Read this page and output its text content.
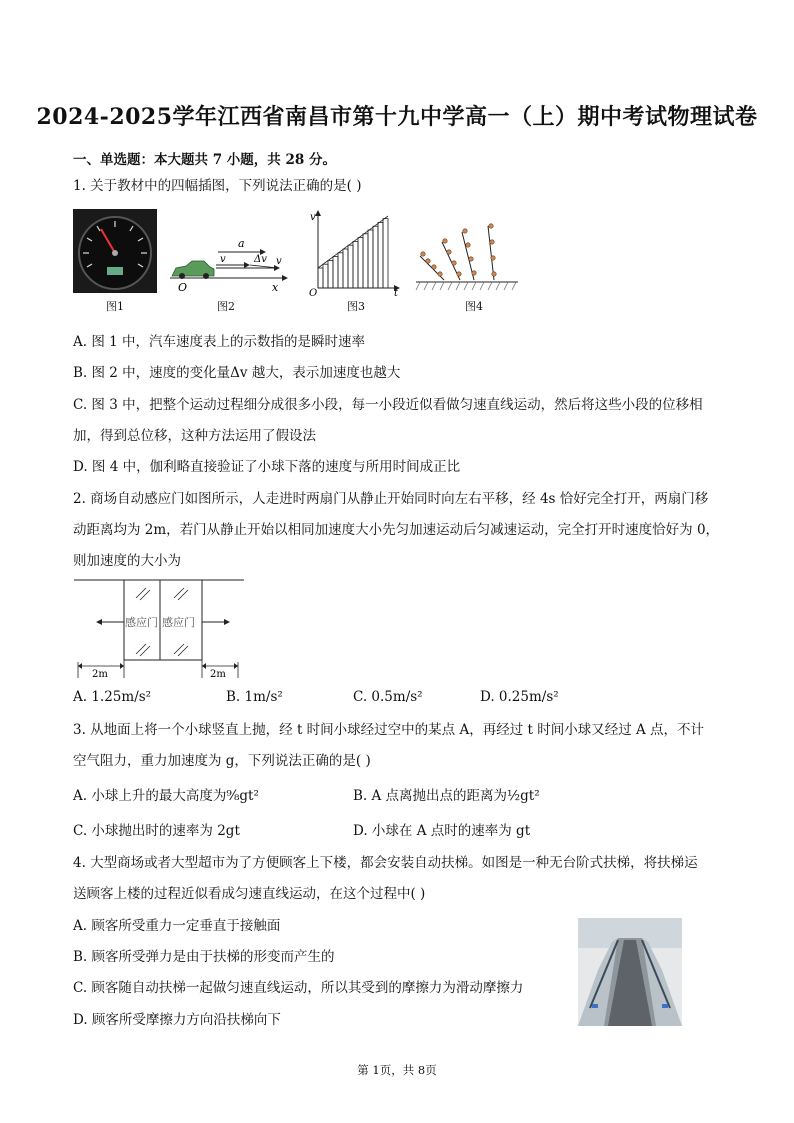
2024-2025学年江西省南昌市第十九中学高一（上）期中考试物理试卷
一、单选题：本大题共 7 小题，共 28 分。
1. 关于教材中的四幅插图，下列说法正确的是( )
图1
a
v	Δv v
O	x
图2
v
O	t
图3	图4
A. 图 1 中，汽车速度表上的示数指的是瞬时速率
B. 图 2 中，速度的变化量Δv 越大，表示加速度也越大
C. 图 3 中，把整个运动过程细分成很多小段，每一小段近似看做匀速直线运动，然后将这些小段的位移相
加，得到总位移，这种方法运用了假设法
D. 图 4 中，伽利略直接验证了小球下落的速度与所用时间成正比
2. 商场自动感应门如图所示，人走进时两扇门从静止开始同时向左右平移，经 4s 恰好完全打开，两扇门移
动距离均为 2m，若门从静止开始以相同加速度大小先匀加速运动后匀减速运动，完全打开时速度恰好为 0，
则加速度的大小为
感应门 感应门
2m	2m
A. 1.25m/s²	B. 1m/s²	C. 0.5m/s²	D. 0.25m/s²
3. 从地面上将一个小球竖直上抛，经 t 时间小球经过空中的某点 A，再经过 t 时间小球又经过 A 点，不计
空气阻力，重力加速度为 g，下列说法正确的是( )
A. 小球上升的最大高度为⁹⁄₈gt²	B. A 点离抛出点的距离为½gt²
C. 小球抛出时的速率为 2gt	D. 小球在 A 点时的速率为 gt
4. 大型商场或者大型超市为了方便顾客上下楼，都会安装自动扶梯。如图是一种无台阶式扶梯，将扶梯运
送顾客上楼的过程近似看成匀速直线运动，在这个过程中( )
A. 顾客所受重力一定垂直于接触面
B. 顾客所受弹力是由于扶梯的形变而产生的
C. 顾客随自动扶梯一起做匀速直线运动，所以其受到的摩擦力为滑动摩擦力
D. 顾客所受摩擦力方向沿扶梯向下
第 1页，共 8页
